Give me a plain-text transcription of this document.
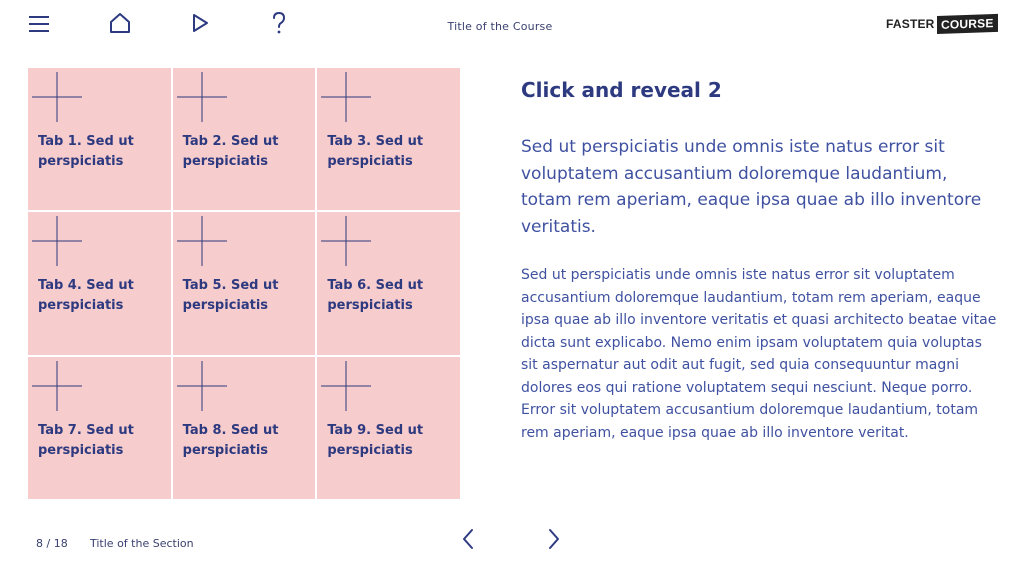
Title of the Course	FASTER COURSE
Tab 1. Sed ut perspiciatis
Tab 2. Sed ut perspiciatis
Tab 3. Sed ut perspiciatis
Tab 4. Sed ut perspiciatis
Tab 5. Sed ut perspiciatis
Tab 6. Sed ut perspiciatis
Tab 7. Sed ut perspiciatis
Tab 8. Sed ut perspiciatis
Tab 9. Sed ut perspiciatis
Click and reveal 2
Sed ut perspiciatis unde omnis iste natus error sit voluptatem accusantium doloremque laudantium, totam rem aperiam, eaque ipsa quae ab illo inventore veritatis.
Sed ut perspiciatis unde omnis iste natus error sit voluptatem accusantium doloremque laudantium, totam rem aperiam, eaque ipsa quae ab illo inventore veritatis et quasi architecto beatae vitae dicta sunt explicabo. Nemo enim ipsam voluptatem quia voluptas sit aspernatur aut odit aut fugit, sed quia consequuntur magni dolores eos qui ratione voluptatem sequi nesciunt. Neque porro. Error sit voluptatem accusantium doloremque laudantium, totam rem aperiam, eaque ipsa quae ab illo inventore veritat.
8 / 18 Title of the Section
